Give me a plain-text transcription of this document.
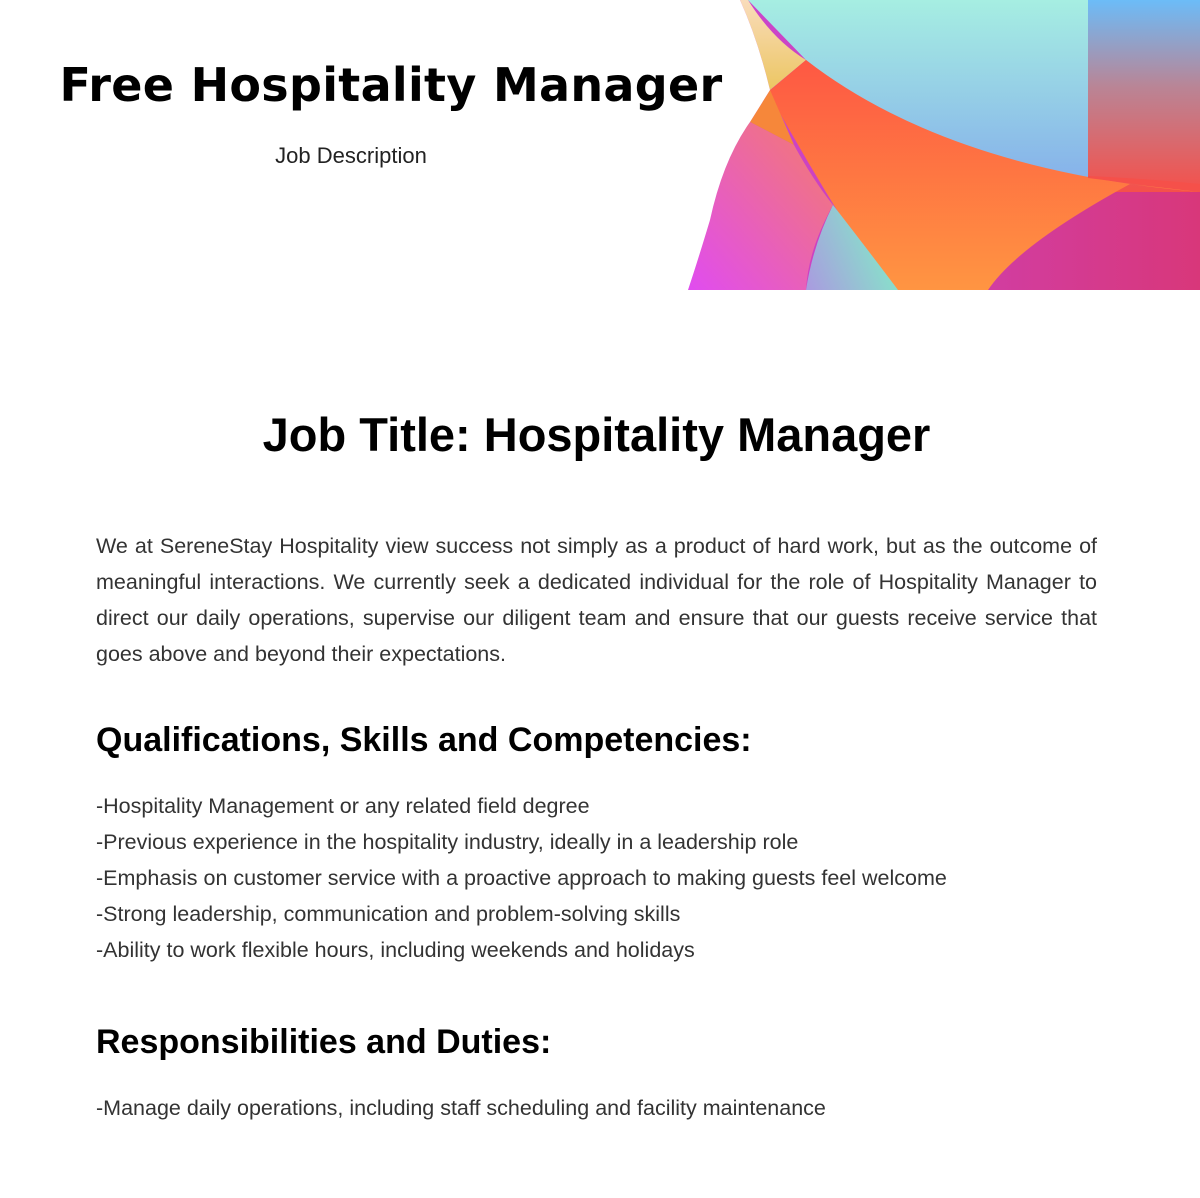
Free Hospitality Manager
Job Description
Job Title: Hospitality Manager

We at SereneStay Hospitality view success not simply as a product of hard work, but as the outcome of meaningful interactions. We currently seek a dedicated individual for the role of Hospitality Manager to direct our daily operations, supervise our diligent team and ensure that our guests receive service that goes above and beyond their expectations.

Qualifications, Skills and Competencies:
-Hospitality Management or any related field degree
-Previous experience in the hospitality industry, ideally in a leadership role
-Emphasis on customer service with a proactive approach to making guests feel welcome
-Strong leadership, communication and problem-solving skills
-Ability to work flexible hours, including weekends and holidays
Responsibilities and Duties:
-Manage daily operations, including staff scheduling and facility maintenance
